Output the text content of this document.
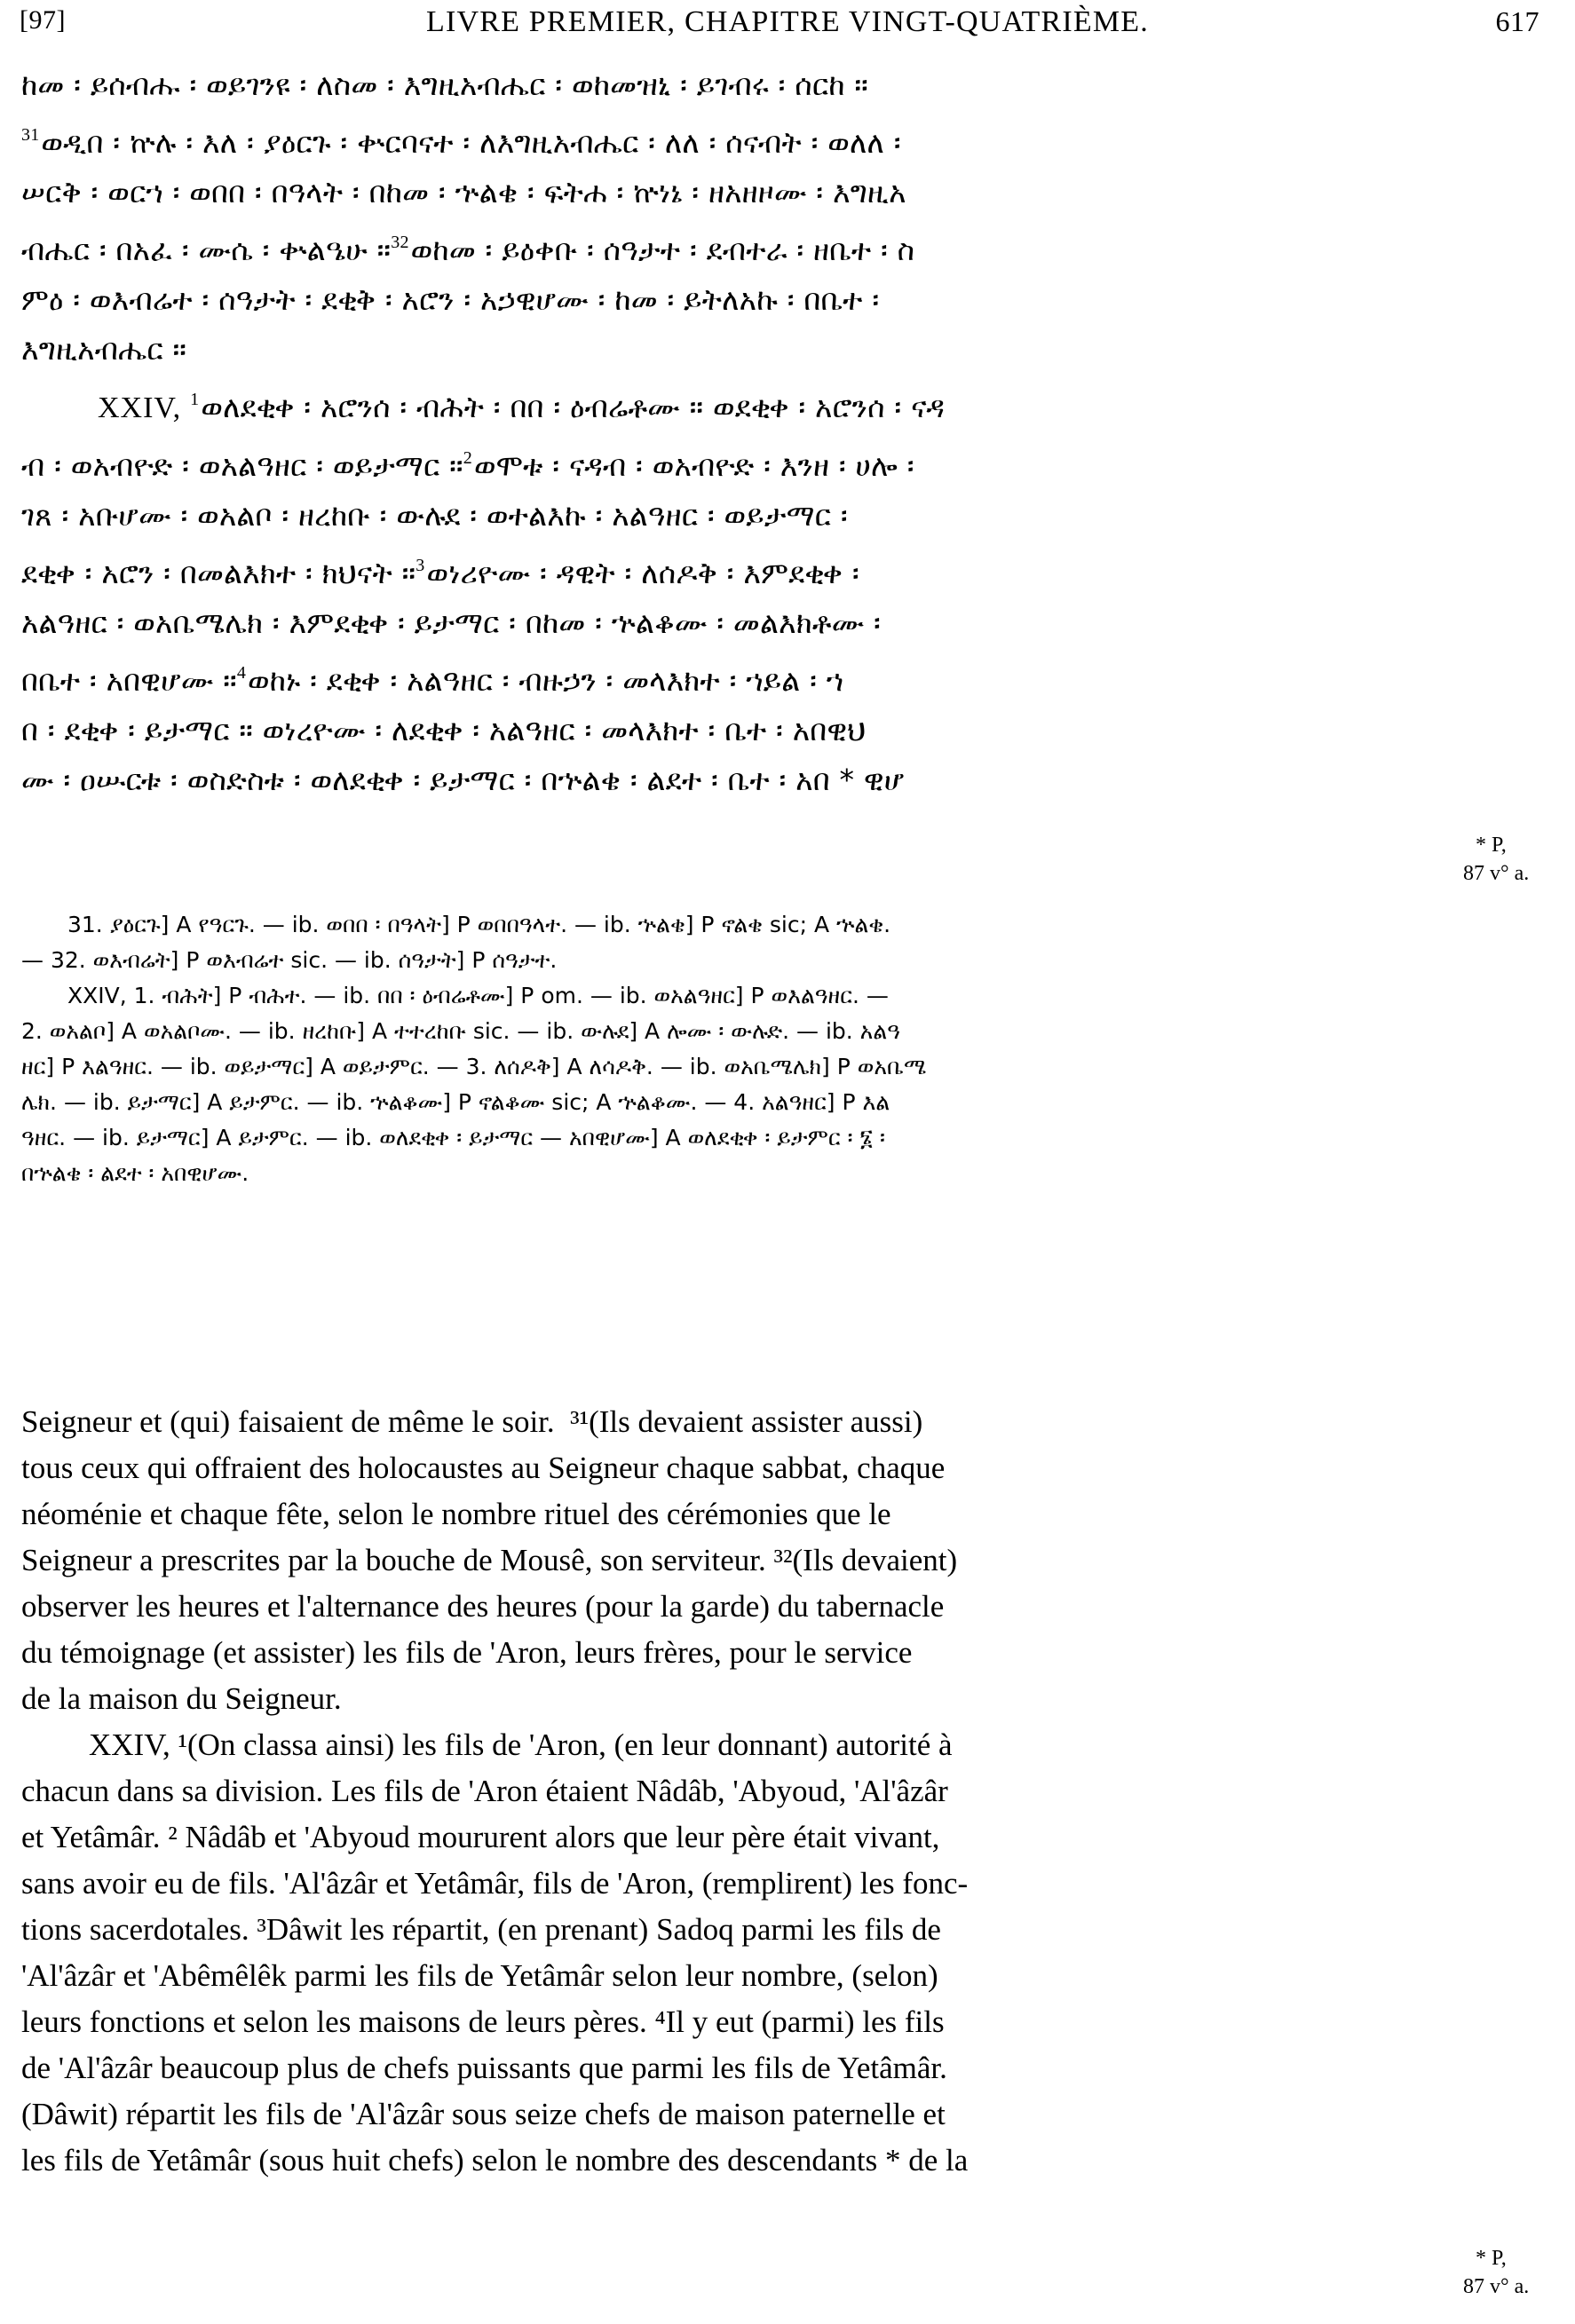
[97]	LIVRE PREMIER, CHAPITRE VINGT-QUATRIÈME.	617
ከመ ፡ ይሰብሑ ፡ ወይገንዩ ፡ ለስመ ፡ እግዚአብሔር ፡ ወከመዝኒ ፡ ይገብሩ ፡ ሰርከ ።
$^{31}$ወዲበ ፡ ኵሉ ፡ እለ ፡ ያዕርጉ ፡ ቍርባናተ ፡ ለእግዚአብሔር ፡ ለለ ፡ ሰናብት ፡ ወለለ ፡
ሠርቅ ፡ ወርኀ ፡ ወበበ ፡ በዓላት ፡ በከመ ፡ ኍልቄ ፡ ፍትሐ ፡ ኵነኔ ፡ ዘአዘዞሙ ፡ እግዚአ
ብሔር ፡ በአፈ ፡ ሙሴ ፡ ቍልዔሁ ።$^{32}$ወከመ ፡ ይዕቀቡ ፡ ሰዓታተ ፡ ደብተራ ፡ ዘቤተ ፡ ስ
ምዕ ፡ ወእብሬተ ፡ ሰዓታት ፡ ደቂቅ ፡ አሮን ፡ አኃዊሆሙ ፡ ከመ ፡ ይትለአኩ ፡ በቤተ ፡
እግዚአብሔር ።
XXIV, $^1$ወለደቂቀ ፡ አሮንሰ ፡ ብሕት ፡ በበ ፡ ዕብሬቶሙ ። ወደቂቀ ፡ አሮንሰ ፡ ናዳ
ብ ፡ ወአብዮድ ፡ ወአልዓዘር ፡ ወይታማር ።$^2$ወሞቱ ፡ ናዳብ ፡ ወአብዮድ ፡ እንዘ ፡ ሀሎ ፡
ገጸ ፡ አቡሆሙ ፡ ወአልቦ ፡ ዘረከቡ ፡ ውሉደ ፡ ወተልእኩ ፡ አልዓዘር ፡ ወይታማር ፡
ደቂቀ ፡ አሮን ፡ በመልእክተ ፡ ክህናት ።$^3$ወነሪዮሙ ፡ ዳዊት ፡ ለሰዶቅ ፡ እምደቂቀ ፡
አልዓዘር ፡ ወአቤሜሌክ ፡ እምደቂቀ ፡ ይታማር ፡ በከመ ፡ ኍልቆሙ ፡ መልእክቶሙ ፡
በቤተ ፡ አበዊሆሙ ።$^4$ወከኑ ፡ ደቂቀ ፡ አልዓዘር ፡ ብዙኃን ፡ መላእክተ ፡ ኀይል ፡ ኀ
በ ፡ ደቂቀ ፡ ይታማር ። ወነረዮሙ ፡ ለደቂቀ ፡ አልዓዘር ፡ መላእክተ ፡ ቤተ ፡ አበዊህ
ሙ ፡ ዐሡርቱ ፡ ወስድስቱ ፡ ወለደቂቀ ፡ ይታማር ፡ በኍልቄ ፡ ልደተ ፡ ቤተ ፡ አበ * ዊሆ
31. ያዕርጉ] A የዓርጉ. — ib. ወበበ ፡ በዓላት] P ወበበዓላተ. — ib. ኍልቄ] P ኖልቄ sic; A ኍልቄ.
— 32. ወእብሬት] P ወእብሬተ sic. — ib. ሰዓታት] P ሰዓታተ.
XXIV, 1. ብሕት] P ብሕተ. — ib. በበ ፡ ዕብሬቶሙ] P om. — ib. ወአልዓዘር] P ወእልዓዘር. —
2. ወአልቦ] A ወአልቦሙ. — ib. ዘረከቡ] A ተተረከቡ sic. — ib. ውሉደ] A ሎሙ ፡ ውሉድ. — ib. አልዓ
ዘር] P እልዓዘር. — ib. ወይታማር] A ወይታምር. — 3. ለሰዶቅ] A ለሳዶቅ. — ib. ወአቤሜሌክ] P ወአቤሜ
ሌክ. — ib. ይታማር] A ይታምር. — ib. ኍልቆሙ] P ኖልቆሙ sic; A ኍልቆሙ. — 4. አልዓዘር] P እል
ዓዘር. — ib. ይታማር] A ይታምር. — ib. ወለደቂቀ ፡ ይታማር — አበዊሆሙ] A ወለደቂቀ ፡ ይታምር ፡ ፮ ፡
በኍልቄ ፡ ልደተ ፡ አበዊሆሙ.
Seigneur et (qui) faisaient de même le soir.  ³¹(Ils devaient assister aussi)
tous ceux qui offraient des holocaustes au Seigneur chaque sabbat, chaque
néoménie et chaque fête, selon le nombre rituel des cérémonies que le
Seigneur a prescrites par la bouche de Mousê, son serviteur. ³²(Ils devaient)
observer les heures et l'alternance des heures (pour la garde) du tabernacle
du témoignage (et assister) les fils de 'Aron, leurs frères, pour le service
de la maison du Seigneur.
XXIV, ¹(On classa ainsi) les fils de 'Aron, (en leur donnant) autorité à
chacun dans sa division. Les fils de 'Aron étaient Nâdâb, 'Abyoud, 'Al'âzâr
et Yetâmâr. ² Nâdâb et 'Abyoud moururent alors que leur père était vivant,
sans avoir eu de fils. 'Al'âzâr et Yetâmâr, fils de 'Aron, (remplirent) les fonc-
tions sacerdotales. ³Dâwit les répartit, (en prenant) Sadoq parmi les fils de
'Al'âzâr et 'Abêmêlêk parmi les fils de Yetâmâr selon leur nombre, (selon)
leurs fonctions et selon les maisons de leurs pères. ⁴Il y eut (parmi) les fils
de 'Al'âzâr beaucoup plus de chefs puissants que parmi les fils de Yetâmâr.
(Dâwit) répartit les fils de 'Al'âzâr sous seize chefs de maison paternelle et
les fils de Yetâmâr (sous huit chefs) selon le nombre des descendants * de la
* P,
87 v° a.
* P,
87 v° a.
